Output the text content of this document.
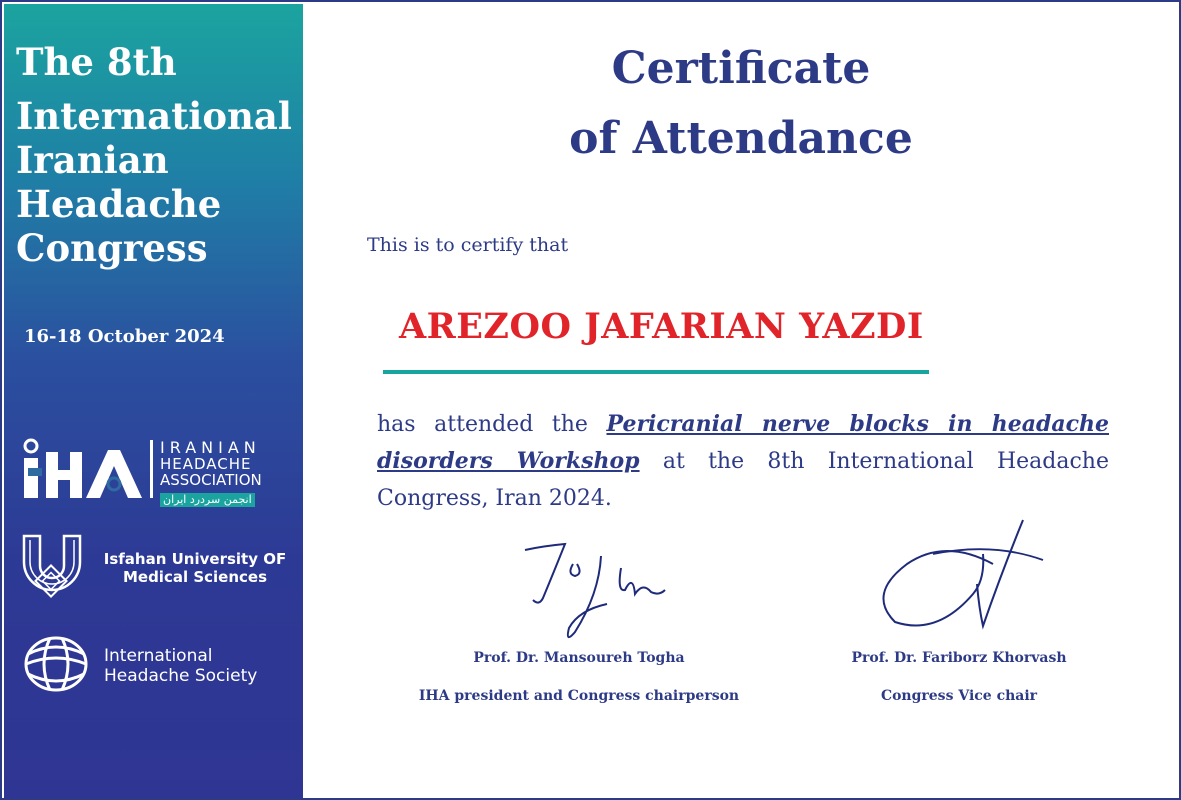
The 8th
International Iranian Headache Congress
16-18 October 2024
IRANIAN
HEADACHE
ASSOCIATION
انجمن سردرد ایران
Isfahan University OF
Medical Sciences
International
Headache Society
Certificate
of Attendance
This is to certify that
AREZOO JAFARIAN YAZDI

has attended the Pericranial nerve blocks in headache disorders Workshop at the 8th International Headache Congress, Iran 2024.

Prof. Dr. Mansoureh Togha
IHA president and Congress chairperson
Prof. Dr. Fariborz Khorvash
Congress Vice chair
